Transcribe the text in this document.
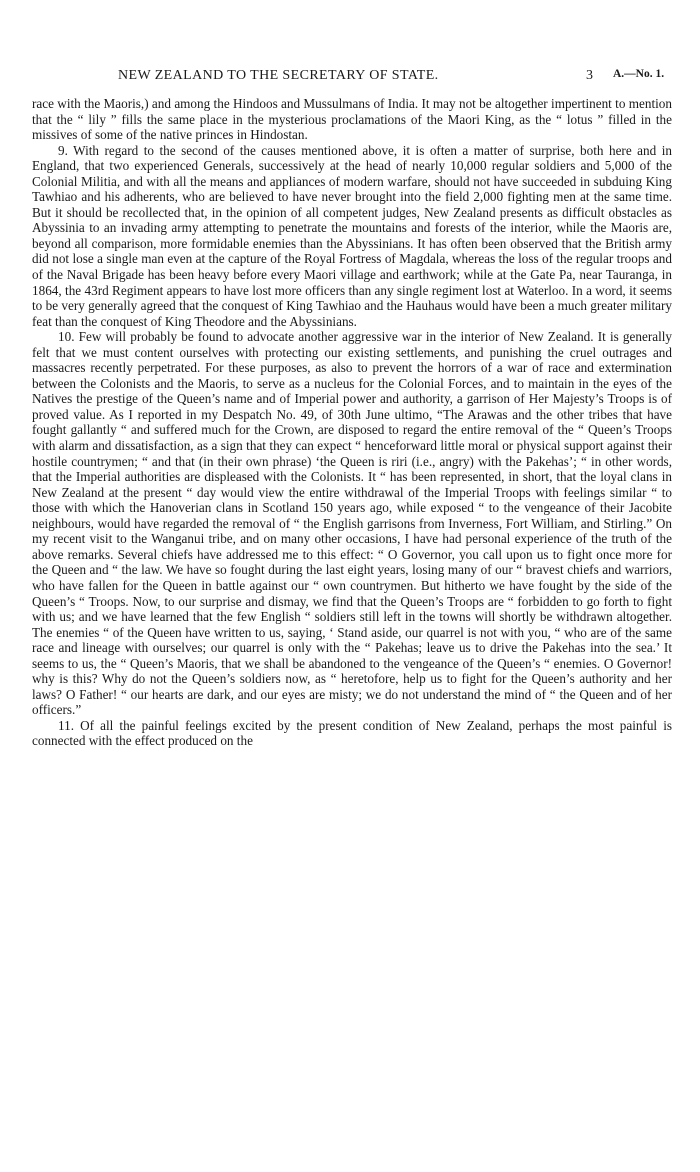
NEW ZEALAND TO THE SECRETARY OF STATE.	3 A.—No. 1.

race with the Maoris,) and among the Hindoos and Mussulmans of India. It may not be altogether impertinent to mention that the “ lily ” fills the same place in the mysterious proclamations of the Maori King, as the “ lotus ” filled in the missives of some of the native princes in Hindostan.

9. With regard to the second of the causes mentioned above, it is often a matter of surprise, both here and in England, that two experienced Generals, successively at the head of nearly 10,000 regular soldiers and 5,000 of the Colonial Militia, and with all the means and appliances of modern warfare, should not have succeeded in subduing King Tawhiao and his adherents, who are believed to have never brought into the field 2,000 fighting men at the same time. But it should be recollected that, in the opinion of all competent judges, New Zealand presents as difficult obstacles as Abyssinia to an invading army attempting to penetrate the mountains and forests of the interior, while the Maoris are, beyond all comparison, more formidable enemies than the Abyssinians. It has often been observed that the British army did not lose a single man even at the capture of the Royal Fortress of Magdala, whereas the loss of the regular troops and of the Naval Brigade has been heavy before every Maori village and earthwork; while at the Gate Pa, near Tauranga, in 1864, the 43rd Regiment appears to have lost more officers than any single regiment lost at Waterloo. In a word, it seems to be very generally agreed that the conquest of King Tawhiao and the Hauhaus would have been a much greater military feat than the conquest of King Theodore and the Abyssinians.

10. Few will probably be found to advocate another aggressive war in the interior of New Zealand. It is generally felt that we must content ourselves with protecting our existing settlements, and punishing the cruel outrages and massacres recently perpetrated. For these purposes, as also to prevent the horrors of a war of race and extermination between the Colonists and the Maoris, to serve as a nucleus for the Colonial Forces, and to maintain in the eyes of the Natives the prestige of the Queen’s name and of Imperial power and authority, a garrison of Her Majesty’s Troops is of proved value. As I reported in my Despatch No. 49, of 30th June ultimo, “The Arawas and the other tribes that have fought gallantly “ and suffered much for the Crown, are disposed to regard the entire removal of the “ Queen’s Troops with alarm and dissatisfaction, as a sign that they can expect “ henceforward little moral or physical support against their hostile countrymen; “ and that (in their own phrase) ‘the Queen is riri (i.e., angry) with the Pakehas’; “ in other words, that the Imperial authorities are displeased with the Colonists. It “ has been represented, in short, that the loyal clans in New Zealand at the present “ day would view the entire withdrawal of the Imperial Troops with feelings similar “ to those with which the Hanoverian clans in Scotland 150 years ago, while exposed “ to the vengeance of their Jacobite neighbours, would have regarded the removal of “ the English garrisons from Inverness, Fort William, and Stirling.” On my recent visit to the Wanganui tribe, and on many other occasions, I have had personal experience of the truth of the above remarks. Several chiefs have addressed me to this effect: “ O Governor, you call upon us to fight once more for the Queen and “ the law. We have so fought during the last eight years, losing many of our “ bravest chiefs and warriors, who have fallen for the Queen in battle against our “ own countrymen. But hitherto we have fought by the side of the Queen’s “ Troops. Now, to our surprise and dismay, we find that the Queen’s Troops are “ forbidden to go forth to fight with us; and we have learned that the few English “ soldiers still left in the towns will shortly be withdrawn altogether. The enemies “ of the Queen have written to us, saying, ‘ Stand aside, our quarrel is not with you, “ who are of the same race and lineage with ourselves; our quarrel is only with the “ Pakehas; leave us to drive the Pakehas into the sea.’ It seems to us, the “ Queen’s Maoris, that we shall be abandoned to the vengeance of the Queen’s “ enemies. O Governor! why is this? Why do not the Queen’s soldiers now, as “ heretofore, help us to fight for the Queen’s authority and her laws? O Father! “ our hearts are dark, and our eyes are misty; we do not understand the mind of “ the Queen and of her officers.”

11. Of all the painful feelings excited by the present condition of New Zealand, perhaps the most painful is connected with the effect produced on the
